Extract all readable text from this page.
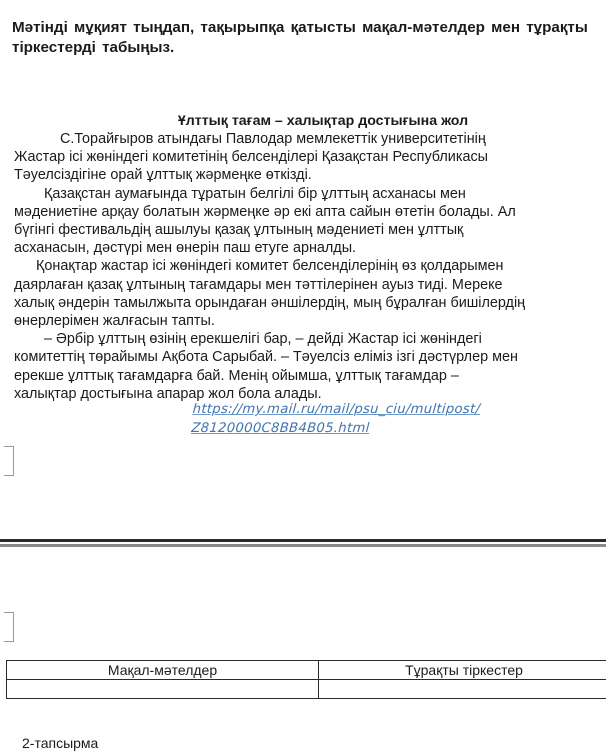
Мәтінді мұқият тыңдап, тақырыпқа қатысты мақал-мәтелдер мен тұрақты тіркестерді табыңыз.

Ұлттық тағам – халықтар достығына жол

С.Торайғыров атындағы Павлодар мемлекеттік университетінің
Жастар ісі жөніндегі комитетінің белсенділері Қазақстан Республикасы
Тәуелсіздігіне орай ұлттық жәрмеңке өткізді.

Қазақстан аумағында тұратын белгілі бір ұлттың асханасы мен
мәдениетіне арқау болатын жәрмеңке әр екі апта сайын өтетін болады. Ал
бүгінгі фестивальдің ашылуы қазақ ұлтының мәдениеті мен ұлттық
асханасын, дәстүрі мен өнерін паш етуге арналды.

Қонақтар жастар ісі жөніндегі комитет белсенділерінің өз қолдарымен
даярлаған қазақ ұлтының тағамдары мен тәттілерінен ауыз тиді. Мереке
халық әндерін тамылжыта орындаған әншілердің, мың бұралған бишілердің
өнерлерімен жалғасын тапты.

– Әрбір ұлттың өзінің ерекшелігі бар, – дейді Жастар ісі жөніндегі
комитеттің төрайымы Ақбота Сарыбай. – Тәуелсіз еліміз ізгі дәстүрлер мен
ерекше ұлттық тағамдарға бай. Менің ойымша, ұлттық тағамдар –
халықтар достығына апарар жол бола алады.

https://my.mail.ru/mail/psu_ciu/multipost/
Z8120000C8BB4B05.html
Мақал-мәтелдер	Тұрақты тіркестер

2-тапсырма
